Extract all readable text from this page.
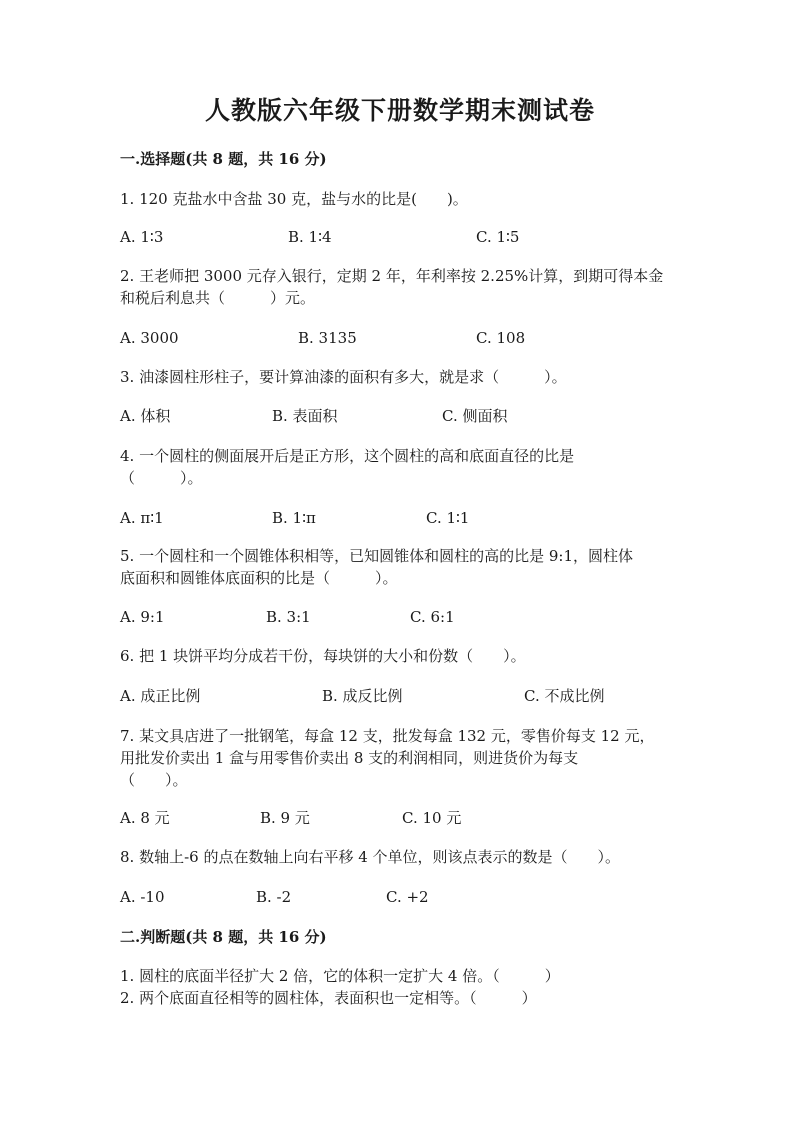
人教版六年级下册数学期末测试卷
一.选择题(共 8 题，共 16 分)
1. 120 克盐水中含盐 30 克，盐与水的比是(　　)。
A. 1∶3	B. 1∶4	C. 1∶5
2. 王老师把 3000 元存入银行，定期 2 年，年利率按 2.25%计算，到期可得本金
和税后利息共（　　　）元。
A. 3000	B. 3135	C. 108
3. 油漆圆柱形柱子，要计算油漆的面积有多大，就是求（　　　）。
A. 体积	B. 表面积	C. 侧面积
4. 一个圆柱的侧面展开后是正方形，这个圆柱的高和底面直径的比是
（　　　）。
A. π∶1	B. 1∶π	C. 1∶1
5. 一个圆柱和一个圆锥体积相等，已知圆锥体和圆柱的高的比是 9:1，圆柱体
底面积和圆锥体底面积的比是（　　　）。
A. 9:1	B. 3:1	C. 6:1
6. 把 1 块饼平均分成若干份，每块饼的大小和份数（　　）。
A. 成正比例	B. 成反比例	C. 不成比例
7. 某文具店进了一批钢笔，每盒 12 支，批发每盒 132 元，零售价每支 12 元，
用批发价卖出 1 盒与用零售价卖出 8 支的利润相同，则进货价为每支
（　　）。
A. 8 元	B. 9 元	C. 10 元
8. 数轴上-6 的点在数轴上向右平移 4 个单位，则该点表示的数是（　　）。
A. -10	B. -2	C. +2
二.判断题(共 8 题，共 16 分)
1. 圆柱的底面半径扩大 2 倍，它的体积一定扩大 4 倍。（　　　）
2. 两个底面直径相等的圆柱体，表面积也一定相等。（　　　）
